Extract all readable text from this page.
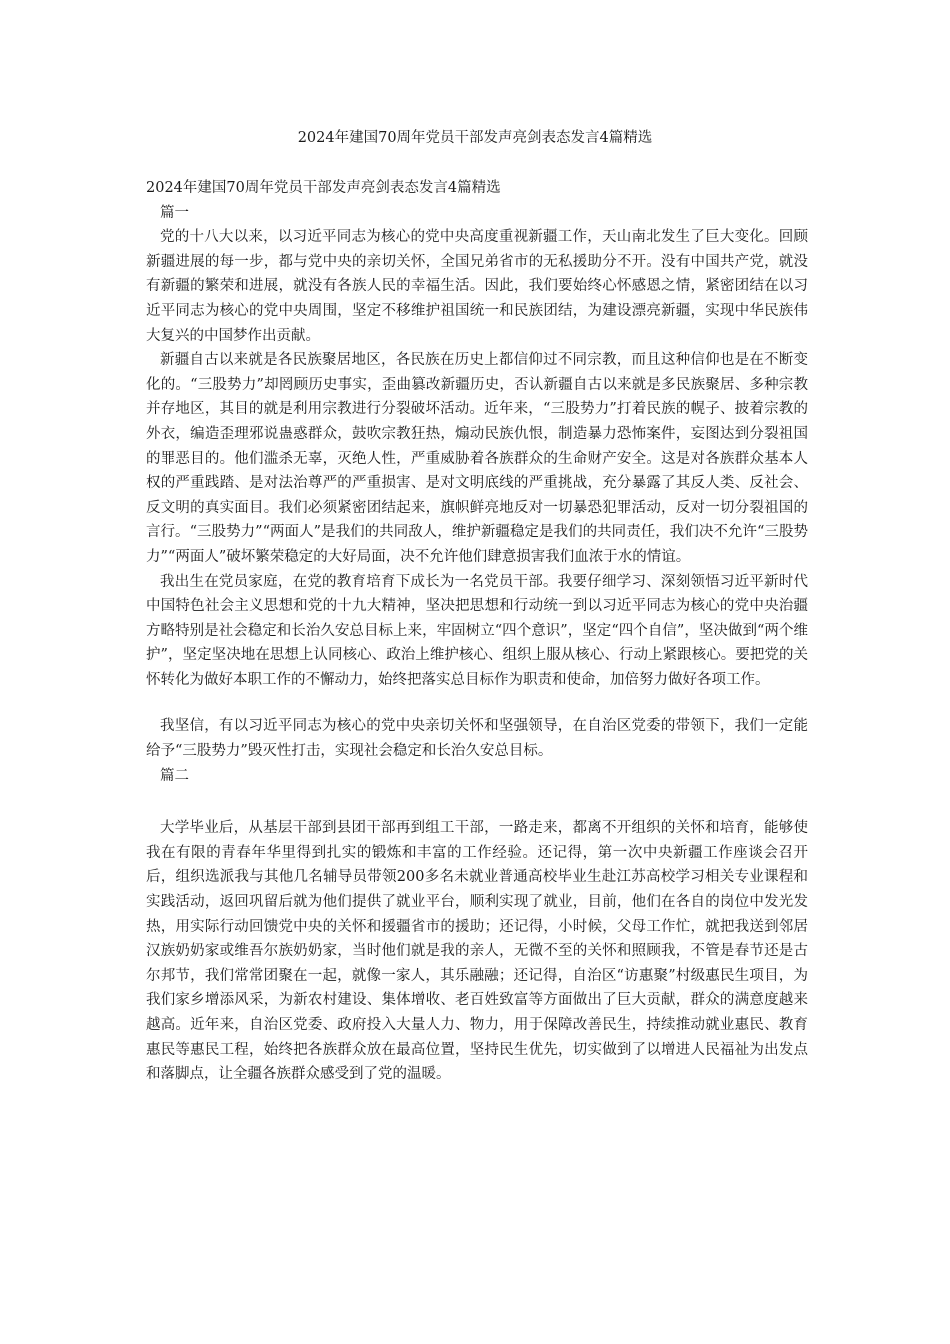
2024年建国70周年党员干部发声亮剑表态发言4篇精选

2024年建国70周年党员干部发声亮剑表态发言4篇精选

篇一

党的十八大以来，以习近平同志为核心的党中央高度重视新疆工作，天山南北发生了巨大变化。回顾新疆进展的每一步，都与党中央的亲切关怀，全国兄弟省市的无私援助分不开。没有中国共产党，就没有新疆的繁荣和进展，就没有各族人民的幸福生活。因此，我们要始终心怀感恩之情，紧密团结在以习近平同志为核心的党中央周围，坚定不移维护祖国统一和民族团结，为建设漂亮新疆，实现中华民族伟大复兴的中国梦作出贡献。

新疆自古以来就是各民族聚居地区，各民族在历史上都信仰过不同宗教，而且这种信仰也是在不断变化的。“三股势力”却罔顾历史事实，歪曲篡改新疆历史，否认新疆自古以来就是多民族聚居、多种宗教并存地区，其目的就是利用宗教进行分裂破坏活动。近年来，“三股势力”打着民族的幌子、披着宗教的外衣，编造歪理邪说蛊惑群众，鼓吹宗教狂热，煽动民族仇恨，制造暴力恐怖案件，妄图达到分裂祖国的罪恶目的。他们滥杀无辜，灭绝人性，严重威胁着各族群众的生命财产安全。这是对各族群众基本人权的严重践踏、是对法治尊严的严重损害、是对文明底线的严重挑战，充分暴露了其反人类、反社会、反文明的真实面目。我们必须紧密团结起来，旗帜鲜亮地反对一切暴恐犯罪活动，反对一切分裂祖国的言行。“三股势力”“两面人”是我们的共同敌人，维护新疆稳定是我们的共同责任，我们决不允许“三股势力”“两面人”破坏繁荣稳定的大好局面，决不允许他们肆意损害我们血浓于水的情谊。

我出生在党员家庭，在党的教育培育下成长为一名党员干部。我要仔细学习、深刻领悟习近平新时代中国特色社会主义思想和党的十九大精神，坚决把思想和行动统一到以习近平同志为核心的党中央治疆方略特别是社会稳定和长治久安总目标上来，牢固树立“四个意识”，坚定“四个自信”，坚决做到“两个维护”，坚定坚决地在思想上认同核心、政治上维护核心、组织上服从核心、行动上紧跟核心。要把党的关怀转化为做好本职工作的不懈动力，始终把落实总目标作为职责和使命，加倍努力做好各项工作。

我坚信，有以习近平同志为核心的党中央亲切关怀和坚强领导，在自治区党委的带领下，我们一定能给予“三股势力”毁灭性打击，实现社会稳定和长治久安总目标。

篇二

大学毕业后，从基层干部到县团干部再到组工干部，一路走来，都离不开组织的关怀和培育，能够使我在有限的青春年华里得到扎实的锻炼和丰富的工作经验。还记得，第一次中央新疆工作座谈会召开后，组织选派我与其他几名辅导员带领200多名未就业普通高校毕业生赴江苏高校学习相关专业课程和实践活动，返回巩留后就为他们提供了就业平台，顺利实现了就业，目前，他们在各自的岗位中发光发热，用实际行动回馈党中央的关怀和援疆省市的援助；还记得，小时候，父母工作忙，就把我送到邻居汉族奶奶家或维吾尔族奶奶家，当时他们就是我的亲人，无微不至的关怀和照顾我，不管是春节还是古尔邦节，我们常常团聚在一起，就像一家人，其乐融融；还记得，自治区“访惠聚”村级惠民生项目，为我们家乡增添风采，为新农村建设、集体增收、老百姓致富等方面做出了巨大贡献，群众的满意度越来越高。近年来，自治区党委、政府投入大量人力、物力，用于保障改善民生，持续推动就业惠民、教育惠民等惠民工程，始终把各族群众放在最高位置，坚持民生优先，切实做到了以增进人民福祉为出发点和落脚点，让全疆各族群众感受到了党的温暖。
